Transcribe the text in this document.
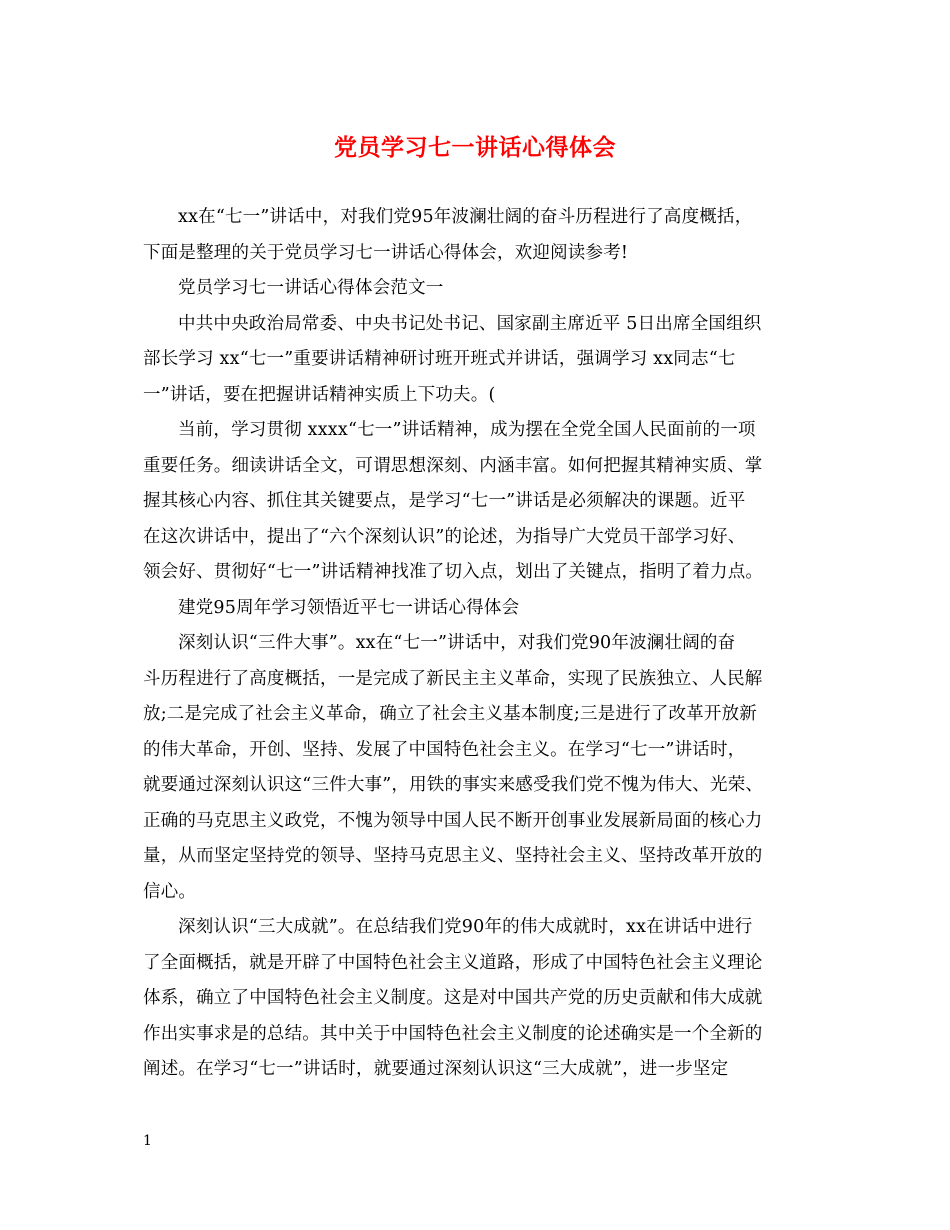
党员学习七一讲话心得体会
xx在“七一”讲话中，对我们党95年波澜壮阔的奋斗历程进行了高度概括，
下面是整理的关于党员学习七一讲话心得体会，欢迎阅读参考!
党员学习七一讲话心得体会范文一
中共中央政治局常委、中央书记处书记、国家副主席近平 5日出席全国组织
部长学习 xx“七一”重要讲话精神研讨班开班式并讲话，强调学习 xx同志“七
一”讲话，要在把握讲话精神实质上下功夫。(
当前，学习贯彻 xxxx“七一”讲话精神，成为摆在全党全国人民面前的一项
重要任务。细读讲话全文，可谓思想深刻、内涵丰富。如何把握其精神实质、掌
握其核心内容、抓住其关键要点，是学习“七一”讲话是必须解决的课题。近平
在这次讲话中，提出了“六个深刻认识”的论述，为指导广大党员干部学习好、
领会好、贯彻好“七一”讲话精神找准了切入点，划出了关键点，指明了着力点。
建党95周年学习领悟近平七一讲话心得体会
深刻认识“三件大事”。xx在“七一”讲话中，对我们党90年波澜壮阔的奋
斗历程进行了高度概括，一是完成了新民主主义革命，实现了民族独立、人民解
放;二是完成了社会主义革命，确立了社会主义基本制度;三是进行了改革开放新
的伟大革命，开创、坚持、发展了中国特色社会主义。在学习“七一”讲话时，
就要通过深刻认识这“三件大事”，用铁的事实来感受我们党不愧为伟大、光荣、
正确的马克思主义政党，不愧为领导中国人民不断开创事业发展新局面的核心力
量，从而坚定坚持党的领导、坚持马克思主义、坚持社会主义、坚持改革开放的
信心。
深刻认识“三大成就”。在总结我们党90年的伟大成就时，xx在讲话中进行
了全面概括，就是开辟了中国特色社会主义道路，形成了中国特色社会主义理论
体系，确立了中国特色社会主义制度。这是对中国共产党的历史贡献和伟大成就
作出实事求是的总结。其中关于中国特色社会主义制度的论述确实是一个全新的
阐述。在学习“七一”讲话时，就要通过深刻认识这“三大成就”，进一步坚定
1
